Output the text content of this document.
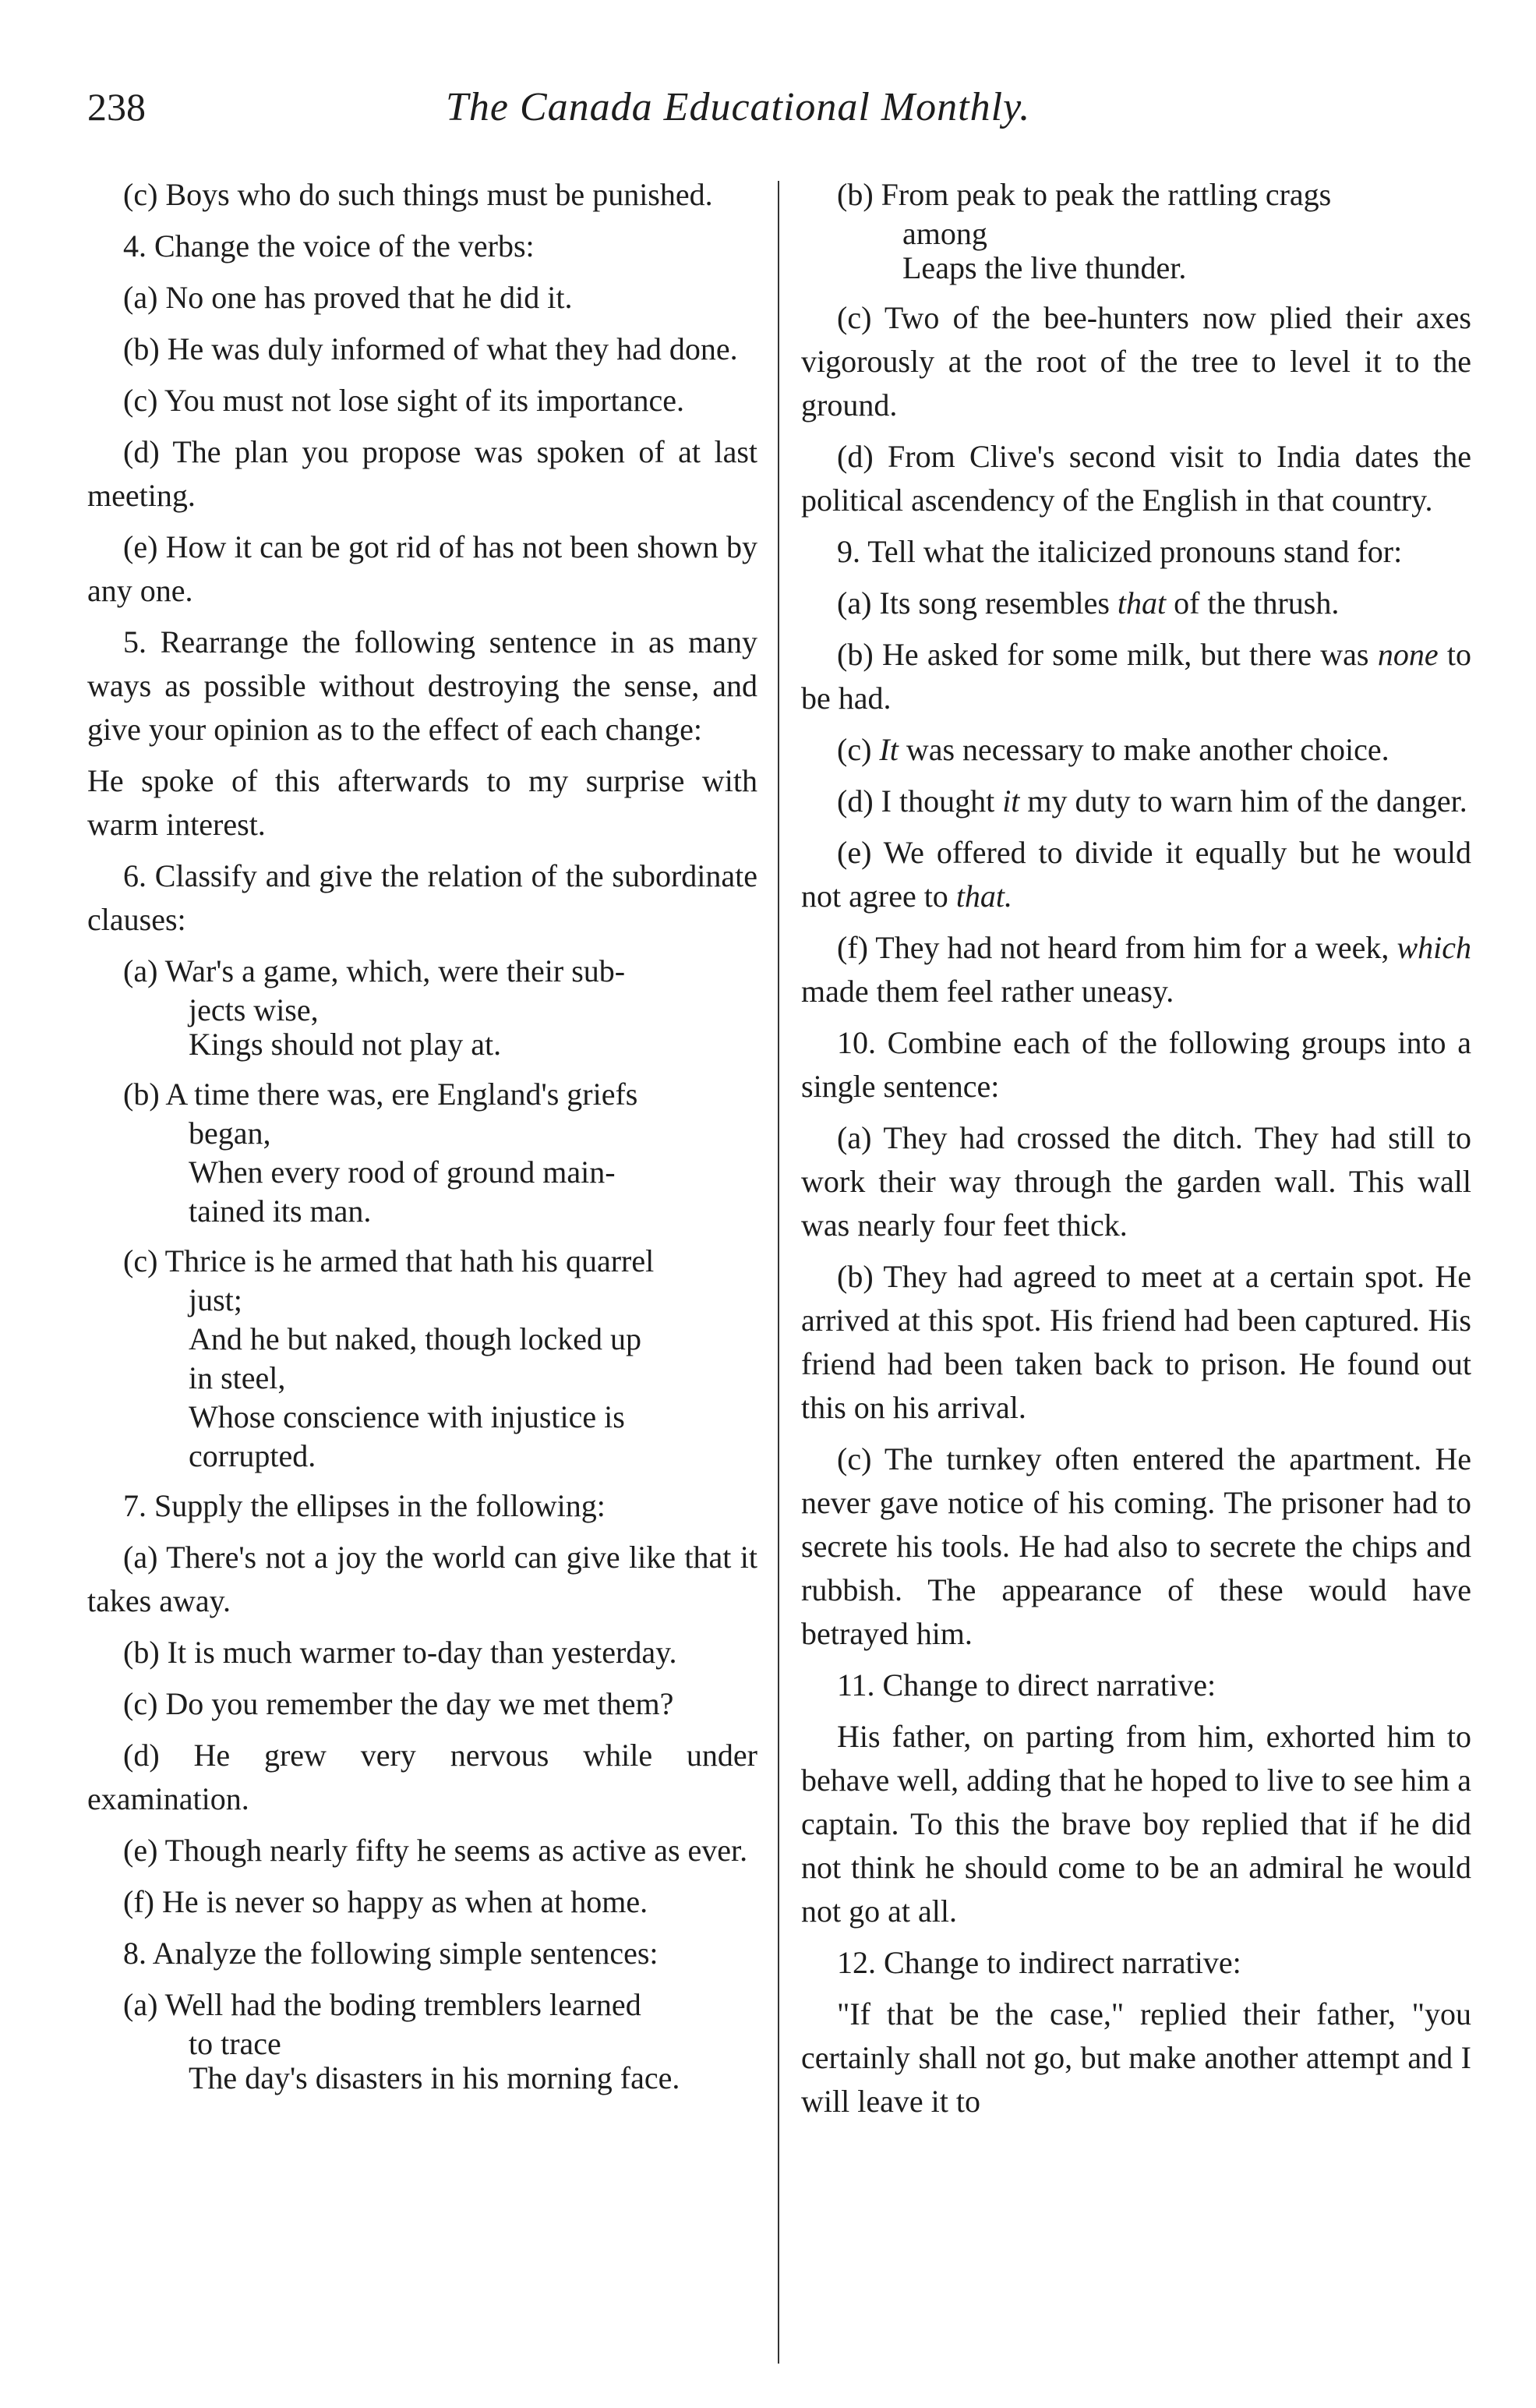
238	The Canada Educational Monthly.

(c) Boys who do such things must be punished.

4. Change the voice of the verbs:

(a) No one has proved that he did it.

(b) He was duly informed of what they had done.

(c) You must not lose sight of its importance.

(d) The plan you propose was spoken of at last meeting.

(e) How it can be got rid of has not been shown by any one.

5. Rearrange the following sentence in as many ways as possible without destroying the sense, and give your opinion as to the effect of each change:

He spoke of this afterwards to my surprise with warm interest.

6. Classify and give the relation of the subordinate clauses:

(a) War's a game, which, were their sub-
jects wise,
Kings should not play at.
(b) A time there was, ere England's griefs
began,
When every rood of ground main-
tained its man.
(c) Thrice is he armed that hath his quarrel
just;
And he but naked, though locked up
in steel,
Whose conscience with injustice is
corrupted.

7. Supply the ellipses in the following:

(a) There's not a joy the world can give like that it takes away.

(b) It is much warmer to-day than yesterday.

(c) Do you remember the day we met them?

(d) He grew very nervous while under examination.

(e) Though nearly fifty he seems as active as ever.

(f) He is never so happy as when at home.

8. Analyze the following simple sentences:

(a) Well had the boding tremblers learned
to trace
The day's disasters in his morning face.
(b) From peak to peak the rattling crags
among
Leaps the live thunder.

(c) Two of the bee-hunters now plied their axes vigorously at the root of the tree to level it to the ground.

(d) From Clive's second visit to India dates the political ascendency of the English in that country.

9. Tell what the italicized pronouns stand for:

(a) Its song resembles that of the thrush.

(b) He asked for some milk, but there was none to be had.

(c) It was necessary to make another choice.

(d) I thought it my duty to warn him of the danger.

(e) We offered to divide it equally but he would not agree to that.

(f) They had not heard from him for a week, which made them feel rather uneasy.

10. Combine each of the following groups into a single sentence:

(a) They had crossed the ditch. They had still to work their way through the garden wall. This wall was nearly four feet thick.

(b) They had agreed to meet at a certain spot. He arrived at this spot. His friend had been captured. His friend had been taken back to prison. He found out this on his arrival.

(c) The turnkey often entered the apartment. He never gave notice of his coming. The prisoner had to secrete his tools. He had also to secrete the chips and rubbish. The appearance of these would have betrayed him.

11. Change to direct narrative:

His father, on parting from him, exhorted him to behave well, adding that he hoped to live to see him a captain. To this the brave boy replied that if he did not think he should come to be an admiral he would not go at all.

12. Change to indirect narrative:

"If that be the case," replied their father, "you certainly shall not go, but make another attempt and I will leave it to
